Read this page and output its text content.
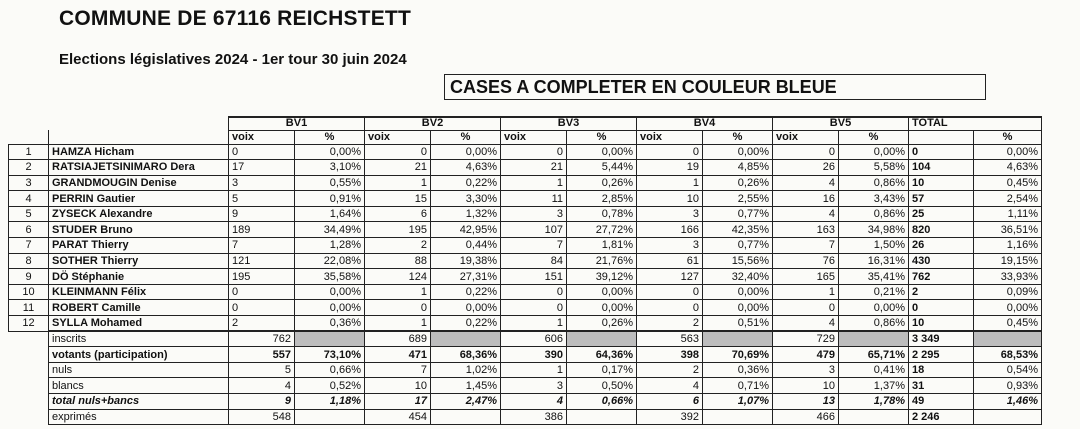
COMMUNE DE 67116 REICHSTETT
Elections législatives 2024 - 1er tour 30 juin 2024
CASES A COMPLETER EN COULEUR BLEUE
		BV1		BV2		BV3		BV4		BV5		TOTAL	
		voix	%	voix	%	voix	%	voix	%	voix	%		%
1	HAMZA Hicham	0	0,00%	0	0,00%	0	0,00%	0	0,00%	0	0,00%	0	0,00%
2	RATSIAJETSINIMARO Dera	17	3,10%	21	4,63%	21	5,44%	19	4,85%	26	5,58%	104	4,63%
3	GRANDMOUGIN Denise	3	0,55%	1	0,22%	1	0,26%	1	0,26%	4	0,86%	10	0,45%
4	PERRIN Gautier	5	0,91%	15	3,30%	11	2,85%	10	2,55%	16	3,43%	57	2,54%
5	ZYSECK Alexandre	9	1,64%	6	1,32%	3	0,78%	3	0,77%	4	0,86%	25	1,11%
6	STUDER Bruno	189	34,49%	195	42,95%	107	27,72%	166	42,35%	163	34,98%	820	36,51%
7	PARAT Thierry	7	1,28%	2	0,44%	7	1,81%	3	0,77%	7	1,50%	26	1,16%
8	SOTHER Thierry	121	22,08%	88	19,38%	84	21,76%	61	15,56%	76	16,31%	430	19,15%
9	DÖ Stéphanie	195	35,58%	124	27,31%	151	39,12%	127	32,40%	165	35,41%	762	33,93%
10	KLEINMANN Félix	0	0,00%	1	0,22%	0	0,00%	0	0,00%	1	0,21%	2	0,09%
11	ROBERT Camille	0	0,00%	0	0,00%	0	0,00%	0	0,00%	0	0,00%	0	0,00%
12	SYLLA Mohamed	2	0,36%	1	0,22%	1	0,26%	2	0,51%	4	0,86%	10	0,45%
	inscrits	762		689		606		563		729		3 349	
	votants (participation)	557	73,10%	471	68,36%	390	64,36%	398	70,69%	479	65,71%	2 295	68,53%
	nuls	5	0,66%	7	1,02%	1	0,17%	2	0,36%	3	0,41%	18	0,54%
	blancs	4	0,52%	10	1,45%	3	0,50%	4	0,71%	10	1,37%	31	0,93%
	total nuls+bancs	9	1,18%	17	2,47%	4	0,66%	6	1,07%	13	1,78%	49	1,46%
	exprimés	548		454		386		392		466		2 246	
